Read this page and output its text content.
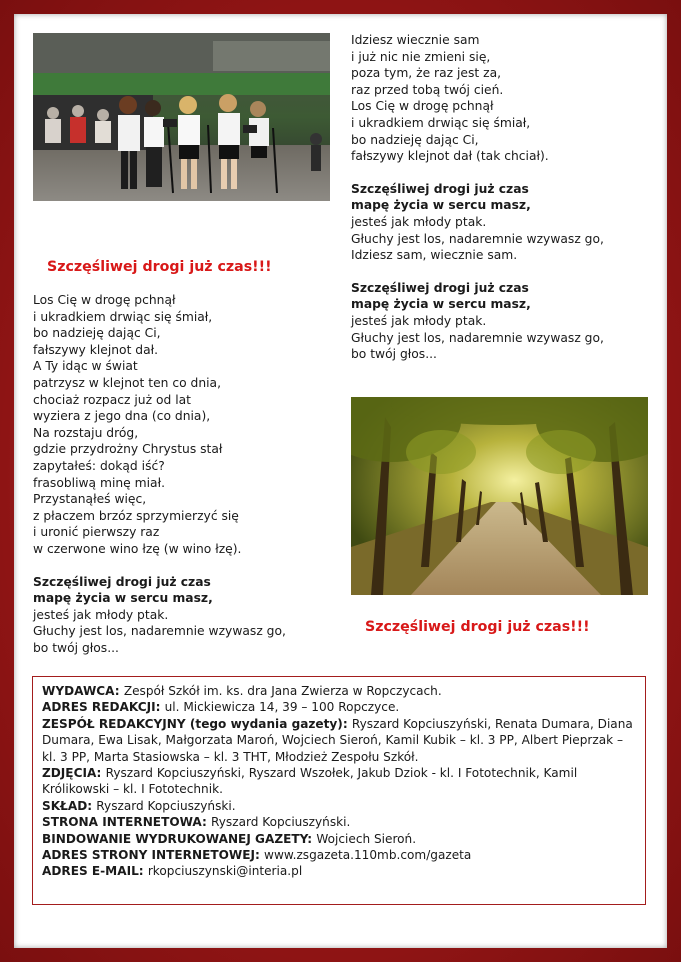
Szczęśliwej drogi już czas!!!
Los Cię w drogę pchnął
i ukradkiem drwiąc się śmiał,
bo nadzieję dając Ci,
fałszywy klejnot dał.
A Ty idąc w świat
patrzysz w klejnot ten co dnia,
chociaż rozpacz już od lat
wyziera z jego dna (co dnia),
Na rozstaju dróg,
gdzie przydrożny Chrystus stał
zapytałeś: dokąd iść?
frasobliwą minę miał.
Przystanąłeś więc,
z płaczem brzóz sprzymierzyć się
i uronić pierwszy raz
w czerwone wino łzę (w wino łzę).
Szczęśliwej drogi już czas
mapę życia w sercu masz,
jesteś jak młody ptak.
Głuchy jest los, nadaremnie wzywasz go,
bo twój głos...
Idziesz wiecznie sam
i już nic nie zmieni się,
poza tym, że raz jest za,
raz przed tobą twój cień.
Los Cię w drogę pchnął
i ukradkiem drwiąc się śmiał,
bo nadzieję dając Ci,
fałszywy klejnot dał (tak chciał).
Szczęśliwej drogi już czas
mapę życia w sercu masz,
jesteś jak młody ptak.
Głuchy jest los, nadaremnie wzywasz go,
Idziesz sam, wiecznie sam.
Szczęśliwej drogi już czas
mapę życia w sercu masz,
jesteś jak młody ptak.
Głuchy jest los, nadaremnie wzywasz go,
bo twój głos...
Szczęśliwej drogi już czas!!!
WYDAWCA: Zespół Szkół im. ks. dra Jana Zwierza w Ropczycach.
ADRES REDAKCJI: ul. Mickiewicza 14, 39 – 100 Ropczyce.
ZESPÓŁ REDAKCYJNY (tego wydania gazety): Ryszard Kopciuszyński, Renata Dumara, Diana Dumara, Ewa Lisak, Małgorzata Maroń, Wojciech Sieroń, Kamil Kubik – kl. 3 PP, Albert Pieprzak – kl. 3 PP, Marta Stasiowska – kl. 3 THT, Młodzież Zespołu Szkół.
ZDJĘCIA: Ryszard Kopciuszyński, Ryszard Wszołek, Jakub Dziok - kl. I Fototechnik, Kamil Królikowski – kl. I Fototechnik.
SKŁAD: Ryszard Kopciuszyński.
STRONA INTERNETOWA: Ryszard Kopciuszyński.
BINDOWANIE WYDRUKOWANEJ GAZETY: Wojciech Sieroń.
ADRES STRONY INTERNETOWEJ: www.zsgazeta.110mb.com/gazeta
ADRES E-MAIL: rkopciuszynski@interia.pl
